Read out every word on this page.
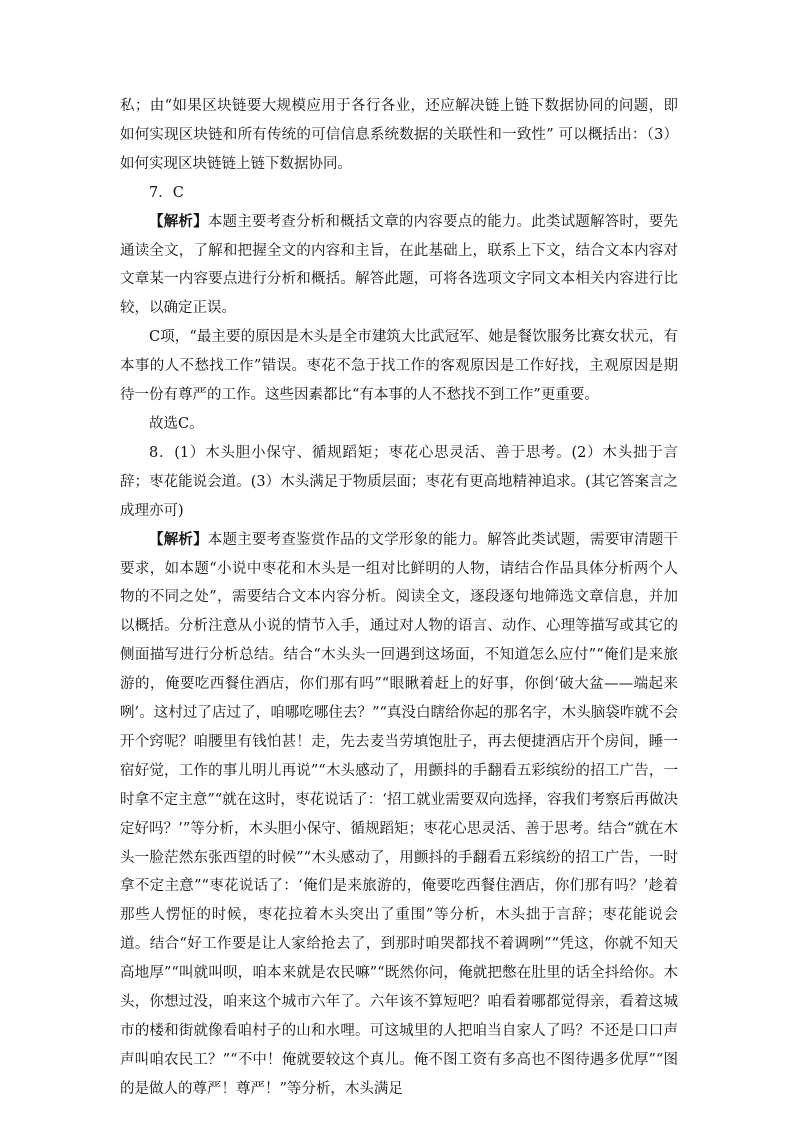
私；由“如果区块链要大规模应用于各行各业，还应解决链上链下数据协同的问题，即如何实现区块链和所有传统的可信信息系统数据的关联性和一致性” 可以概括出：（3）如何实现区块链链上链下数据协同。

7．C

【解析】本题主要考查分析和概括文章的内容要点的能力。此类试题解答时，要先通读全文，了解和把握全文的内容和主旨，在此基础上，联系上下文，结合文本内容对文章某一内容要点进行分析和概括。解答此题，可将各选项文字同文本相关内容进行比较，以确定正误。

C项，“最主要的原因是木头是全市建筑大比武冠军、她是餐饮服务比赛女状元，有本事的人不愁找工作”错误。枣花不急于找工作的客观原因是工作好找，主观原因是期待一份有尊严的工作。这些因素都比“有本事的人不愁找不到工作”更重要。

故选C。

8．(1）木头胆小保守、循规蹈矩；枣花心思灵活、善于思考。(2）木头拙于言辞；枣花能说会道。(3）木头满足于物质层面；枣花有更高地精神追求。(其它答案言之成理亦可)

【解析】本题主要考查鉴赏作品的文学形象的能力。解答此类试题，需要审清题干要求，如本题“小说中枣花和木头是一组对比鲜明的人物，请结合作品具体分析两个人物的不同之处”，需要结合文本内容分析。阅读全文，逐段逐句地筛选文章信息，并加以概括。分析注意从小说的情节入手，通过对人物的语言、动作、心理等描写或其它的侧面描写进行分析总结。结合“木头头一回遇到这场面，不知道怎么应付”“俺们是来旅游的，俺要吃西餐住酒店，你们那有吗”“眼瞅着赶上的好事，你倒‘破大盆——端起来咧’。这村过了店过了，咱哪吃哪住去？”“真没白瞎给你起的那名字，木头脑袋咋就不会开个窍呢？咱腰里有钱怕甚！走，先去麦当劳填饱肚子，再去便捷酒店开个房间，睡一宿好觉，工作的事儿明儿再说”“木头感动了，用颤抖的手翻看五彩缤纷的招工广告，一时拿不定主意”“就在这时，枣花说话了：‘招工就业需要双向选择，容我们考察后再做决定好吗？’”等分析，木头胆小保守、循规蹈矩；枣花心思灵活、善于思考。结合“就在木头一脸茫然东张西望的时候”“木头感动了，用颤抖的手翻看五彩缤纷的招工广告，一时拿不定主意”“枣花说话了：‘俺们是来旅游的，俺要吃西餐住酒店，你们那有吗？’趁着那些人愣怔的时候，枣花拉着木头突出了重围”等分析，木头拙于言辞；枣花能说会道。结合“好工作要是让人家给抢去了，到那时咱哭都找不着调咧”“凭这，你就不知天高地厚”“叫就叫呗，咱本来就是农民嘛”“既然你问，俺就把憋在肚里的话全抖给你。木头，你想过没，咱来这个城市六年了。六年该不算短吧？咱看着哪都觉得亲，看着这城市的楼和街就像看咱村子的山和水哩。可这城里的人把咱当自家人了吗？不还是口口声声叫咱农民工？”“不中！俺就要较这个真儿。俺不图工资有多高也不图待遇多优厚”“图的是做人的尊严！尊严！”等分析，木头满足
